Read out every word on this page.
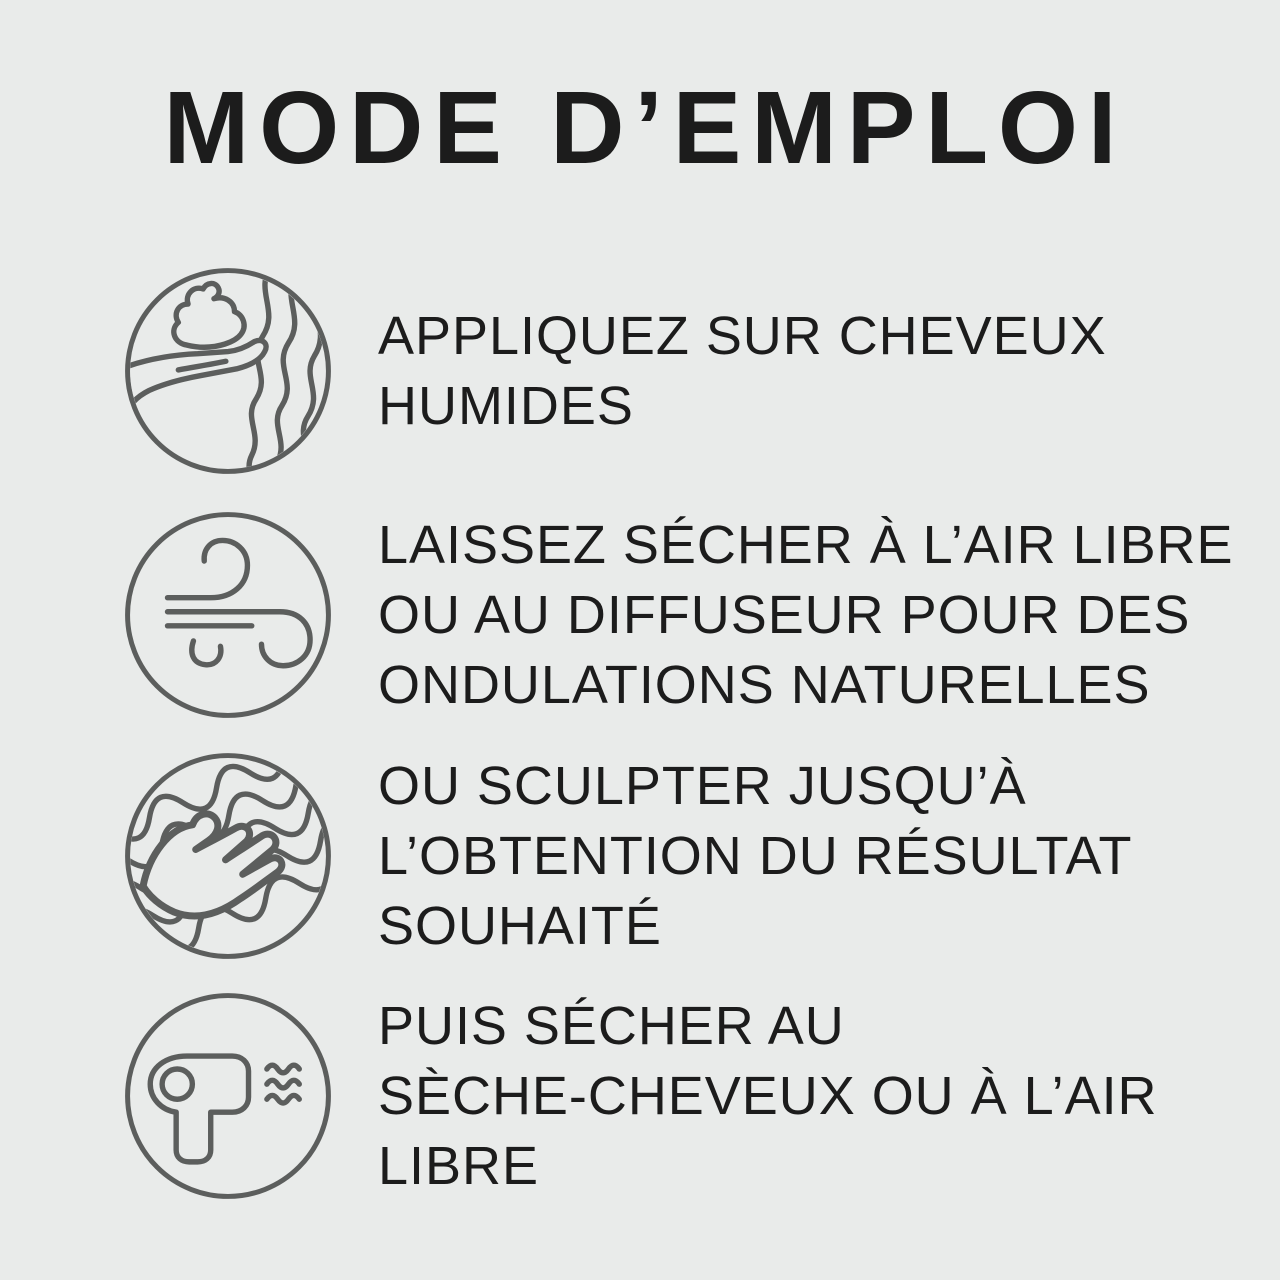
MODE D’EMPLOI
APPLIQUEZ SUR CHEVEUX
HUMIDES
LAISSEZ SÉCHER À L’AIR LIBRE
OU AU DIFFUSEUR POUR DES
ONDULATIONS NATURELLES
OU SCULPTER JUSQU’À
L’OBTENTION DU RÉSULTAT
SOUHAITÉ
PUIS SÉCHER AU
SÈCHE-CHEVEUX OU À L’AIR
LIBRE
